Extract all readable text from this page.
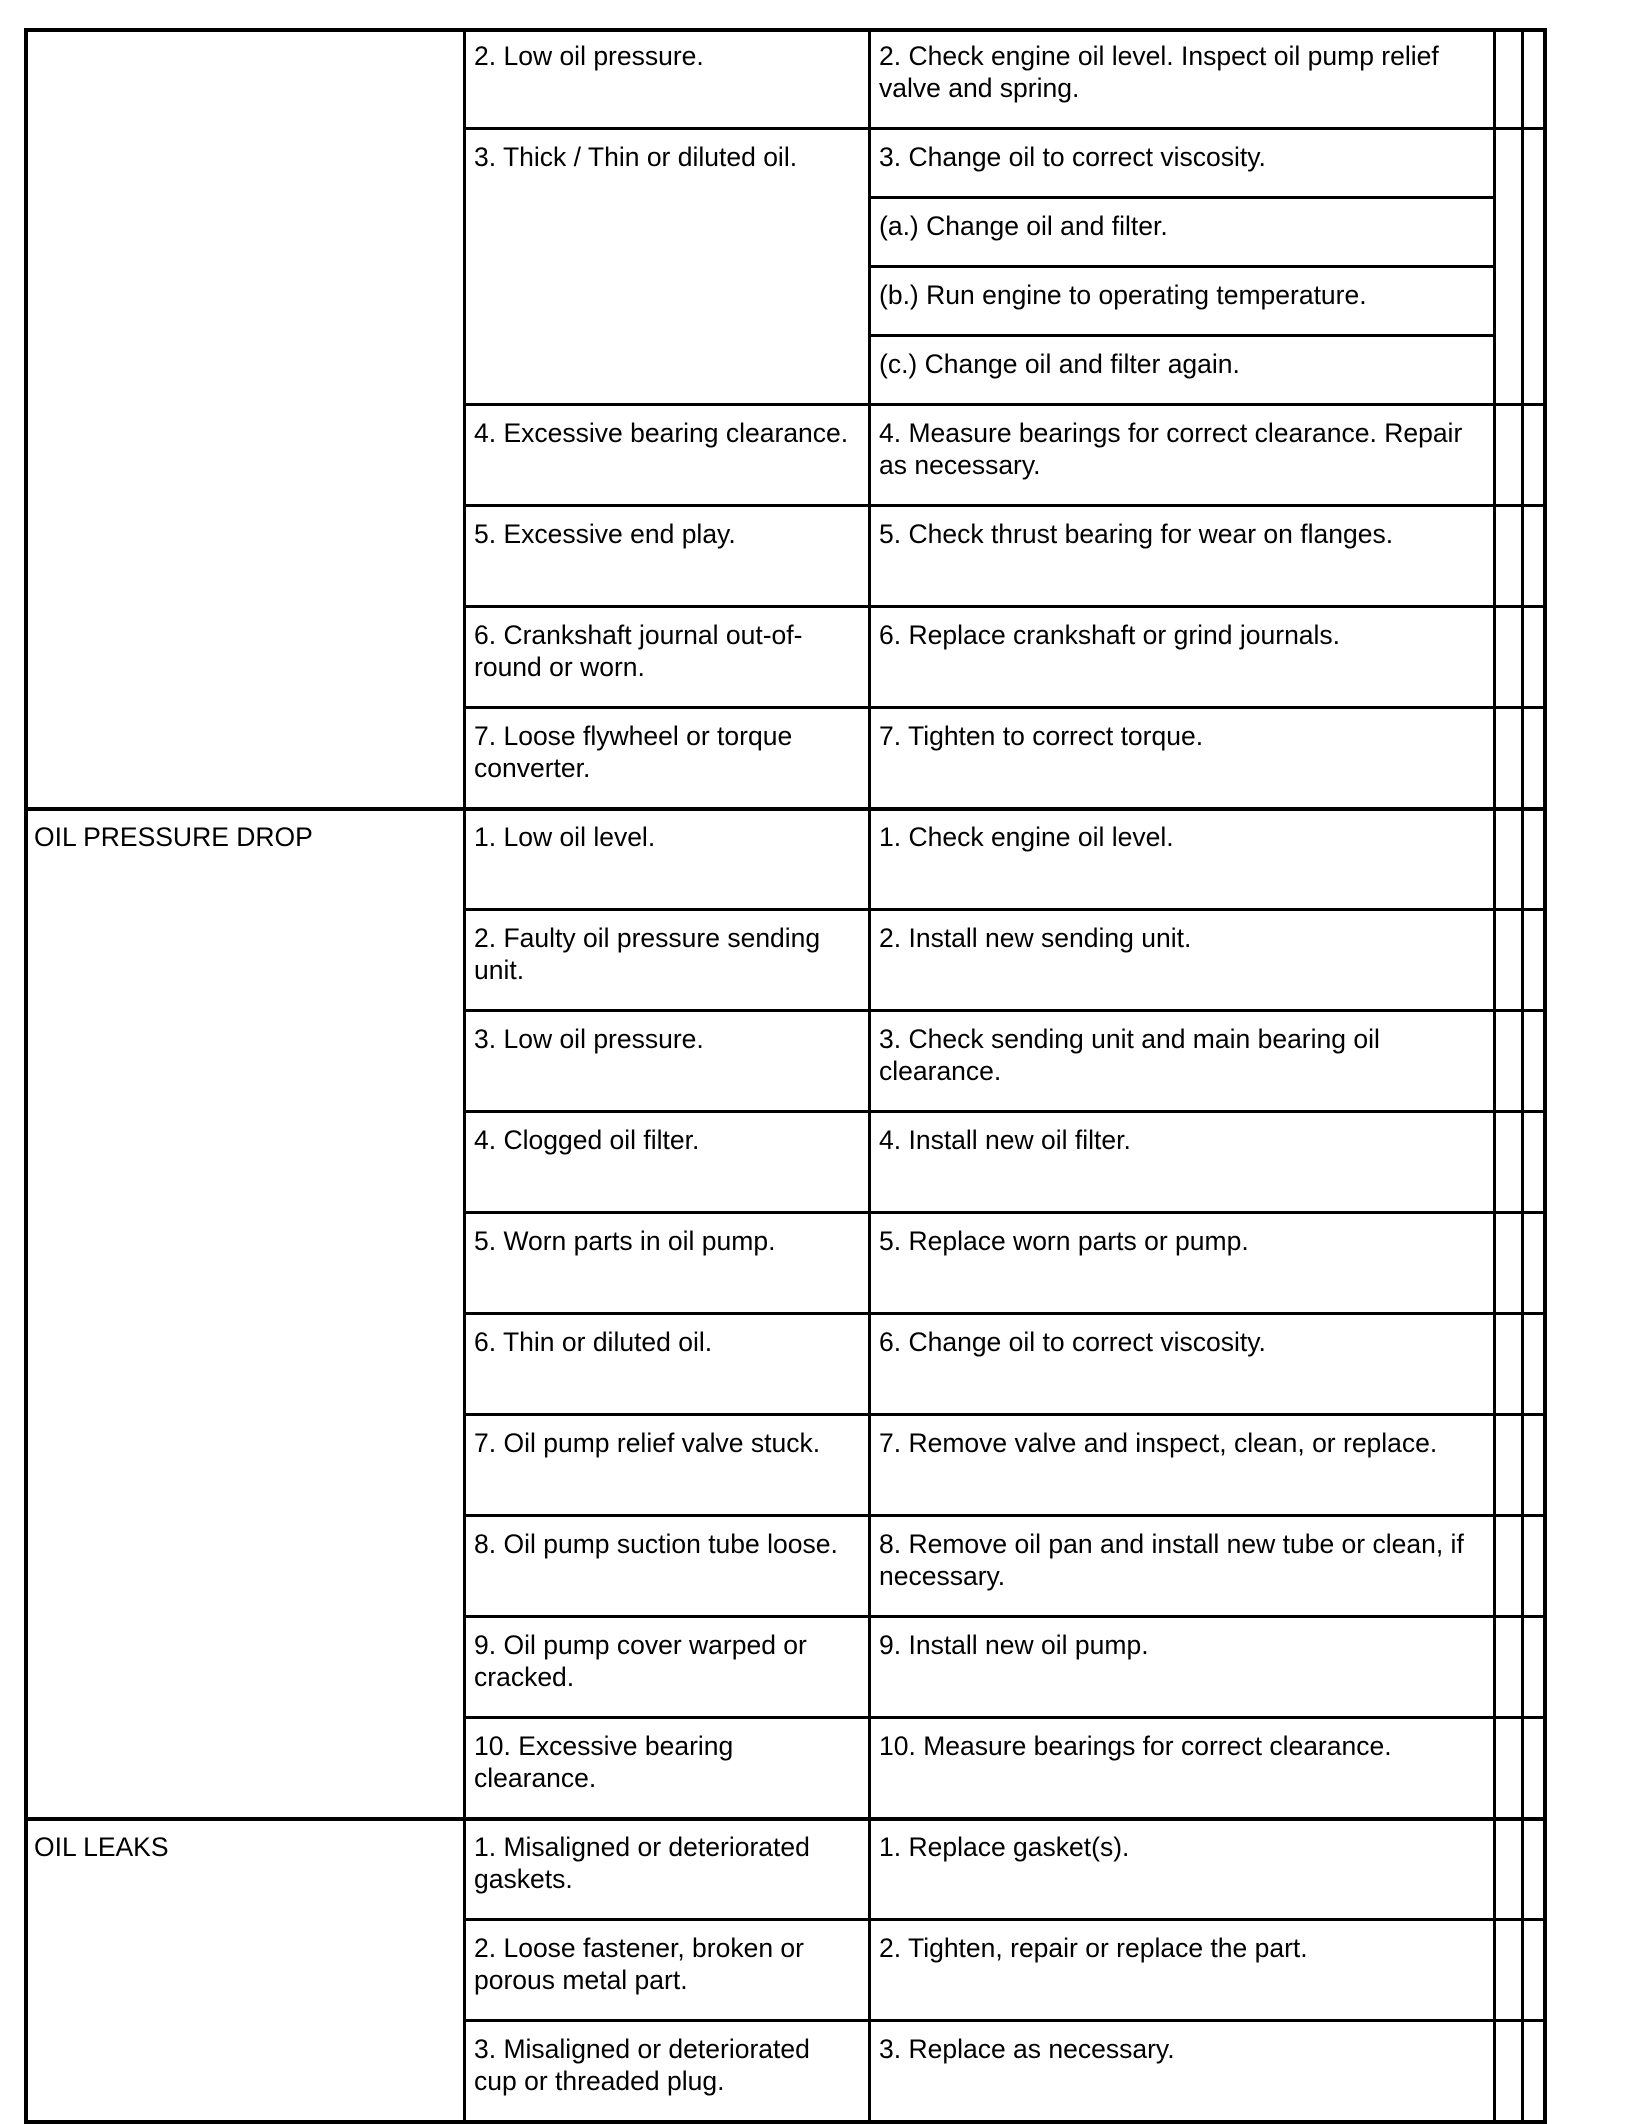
2. Check engine oil level. Inspect oil pump relief valve and spring.
2. Low oil pressure.
3. Change oil to correct viscosity.
(a.) Change oil and filter.
(b.) Run engine to operating temperature.
(c.) Change oil and filter again.
3. Thick / Thin or diluted oil.
4. Measure bearings for correct clearance. Repair as necessary.
4. Excessive bearing clearance.
5. Check thrust bearing for wear on flanges.
5. Excessive end play.
6. Replace crankshaft or grind journals.
6. Crankshaft journal out-of-round or worn.
7. Tighten to correct torque.
7. Loose flywheel or torque converter.
1. Check engine oil level.
1. Low oil level.
2. Install new sending unit.
2. Faulty oil pressure sending unit.
3. Check sending unit and main bearing oil clearance.
3. Low oil pressure.
4. Install new oil filter.
4. Clogged oil filter.
5. Replace worn parts or pump.
5. Worn parts in oil pump.
6. Change oil to correct viscosity.
6. Thin or diluted oil.
7. Remove valve and inspect, clean, or replace.
7. Oil pump relief valve stuck.
8. Remove oil pan and install new tube or clean, if necessary.
8. Oil pump suction tube loose.
9. Install new oil pump.
9. Oil pump cover warped or cracked.
10. Measure bearings for correct clearance.
10. Excessive bearing clearance.
OIL PRESSURE DROP
1. Replace gasket(s).
1. Misaligned or deteriorated gaskets.
2. Tighten, repair or replace the part.
2. Loose fastener, broken or porous metal part.
3. Replace as necessary.
3. Misaligned or deteriorated cup or threaded plug.
OIL LEAKS
